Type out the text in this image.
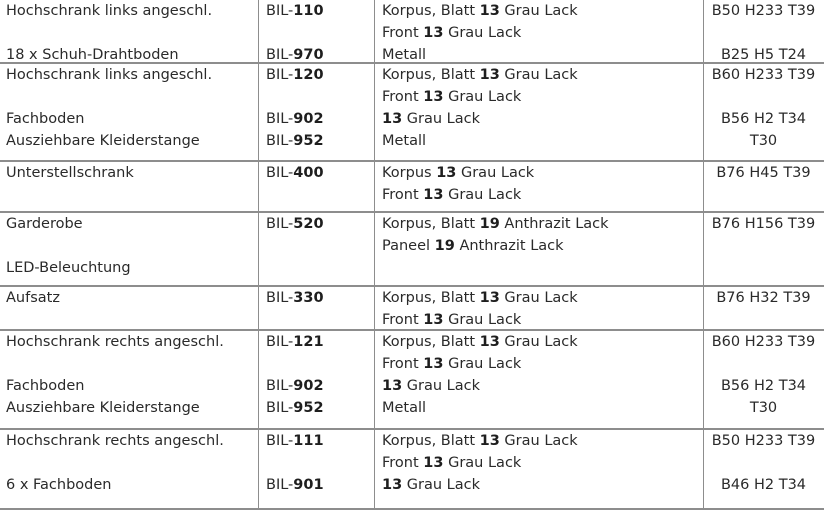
Hochschrank links angeschl.	BIL-110	Korpus, Blatt 13 Grau Lack	B50 H233 T39
Front 13 Grau Lack
18 x Schuh-Drahtboden	BIL-970	Metall	B25 H5 T24
Hochschrank links angeschl.	BIL-120	Korpus, Blatt 13 Grau Lack	B60 H233 T39
Front 13 Grau Lack
Fachboden	BIL-902	13 Grau Lack	B56 H2 T34
Ausziehbare Kleiderstange	BIL-952	Metall	T30
Unterstellschrank	BIL-400	Korpus 13 Grau Lack	B76 H45 T39
Front 13 Grau Lack
Garderobe	BIL-520	Korpus, Blatt 19 Anthrazit Lack	B76 H156 T39
Paneel 19 Anthrazit Lack
LED-Beleuchtung
Aufsatz	BIL-330	Korpus, Blatt 13 Grau Lack	B76 H32 T39
Front 13 Grau Lack
Hochschrank rechts angeschl.	BIL-121	Korpus, Blatt 13 Grau Lack	B60 H233 T39
Front 13 Grau Lack
Fachboden	BIL-902	13 Grau Lack	B56 H2 T34
Ausziehbare Kleiderstange	BIL-952	Metall	T30
Hochschrank rechts angeschl.	BIL-111	Korpus, Blatt 13 Grau Lack	B50 H233 T39
Front 13 Grau Lack
6 x Fachboden	BIL-901	13 Grau Lack	B46 H2 T34
